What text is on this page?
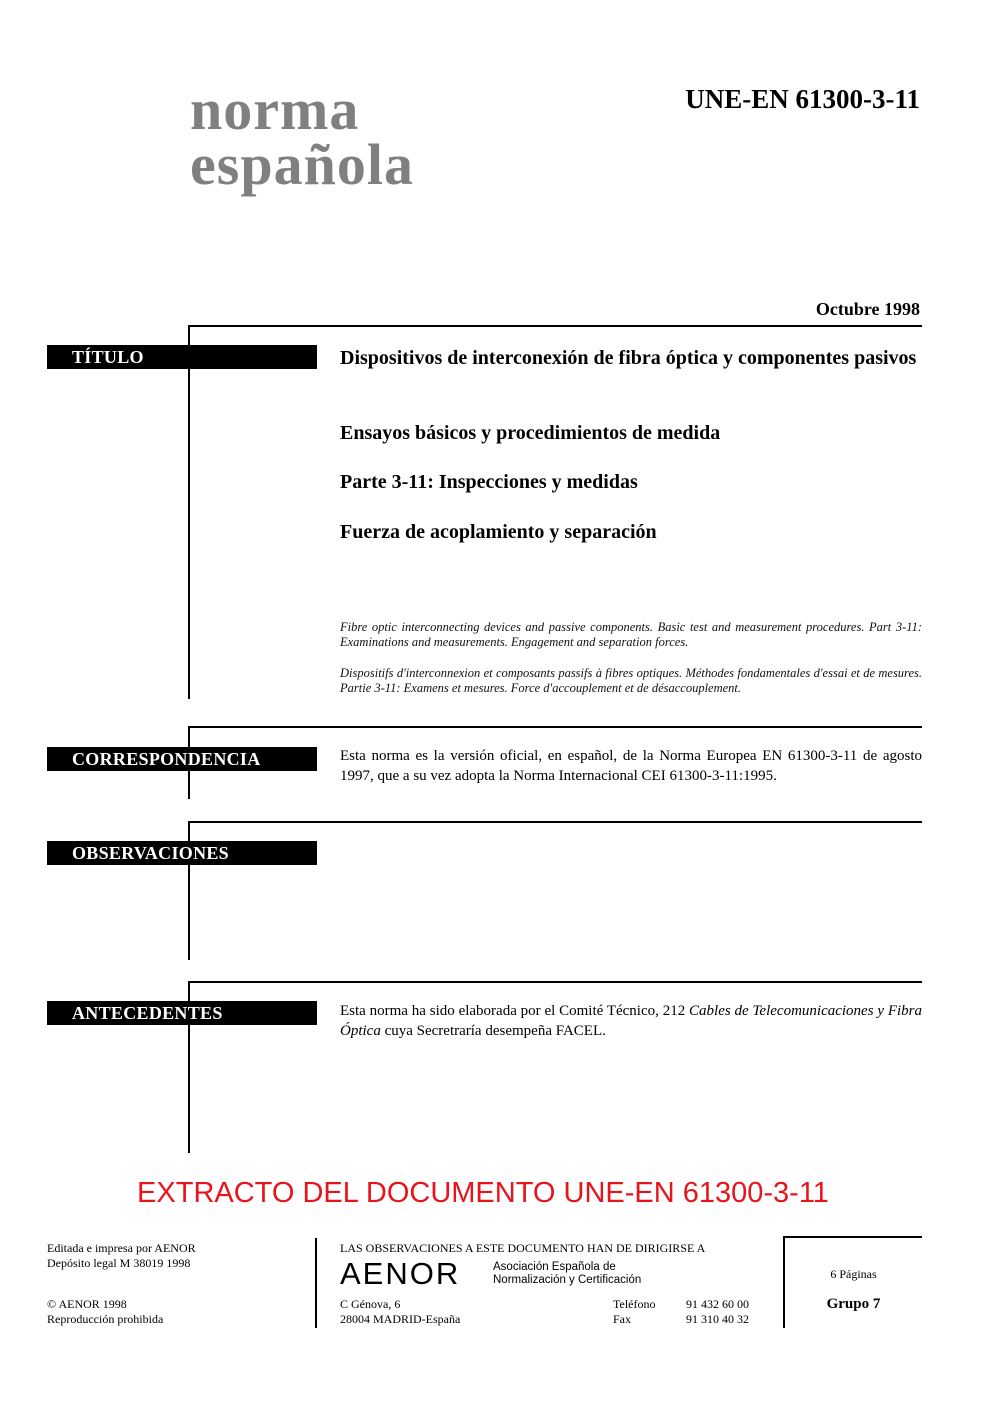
norma
española
UNE-EN 61300-3-11
Octubre 1998
TÍTULO	Dispositivos de interconexión de fibra óptica y componentes pasivos
Ensayos básicos y procedimientos de medida
Parte 3-11: Inspecciones y medidas
Fuerza de acoplamiento y separación
Fibre optic interconnecting devices and passive components. Basic test and measurement procedures. Part 3-11: Examinations and measurements. Engagement and separation forces.
Dispositifs d'interconnexion et composants passifs à fibres optiques. Méthodes fondamentales d'essai et de mesures. Partie 3-11: Examens et mesures. Force d'accouplement et de désaccouplement.
CORRESPONDENCIA	Esta norma es la versión oficial, en español, de la Norma Europea EN 61300-3-11 de agosto 1997, que a su vez adopta la Norma Internacional CEI 61300-3-11:1995.
OBSERVACIONES
ANTECEDENTES	Esta norma ha sido elaborada por el Comité Técnico, 212 Cables de Telecomunicaciones y Fibra Óptica cuya Secretraría desempeña FACEL.
EXTRACTO DEL DOCUMENTO UNE-EN 61300-3-11
Editada e impresa por AENOR
Depósito legal M 38019 1998
© AENOR 1998
Reproducción prohibida
LAS OBSERVACIONES A ESTE DOCUMENTO HAN DE DIRIGIRSE A
AENOR	Asociación Española de
Normalización y Certificación
C Génova, 6
28004 MADRID-España
Teléfono	91 432 60 00
Fax	91 310 40 32
6 Páginas
Grupo 7
